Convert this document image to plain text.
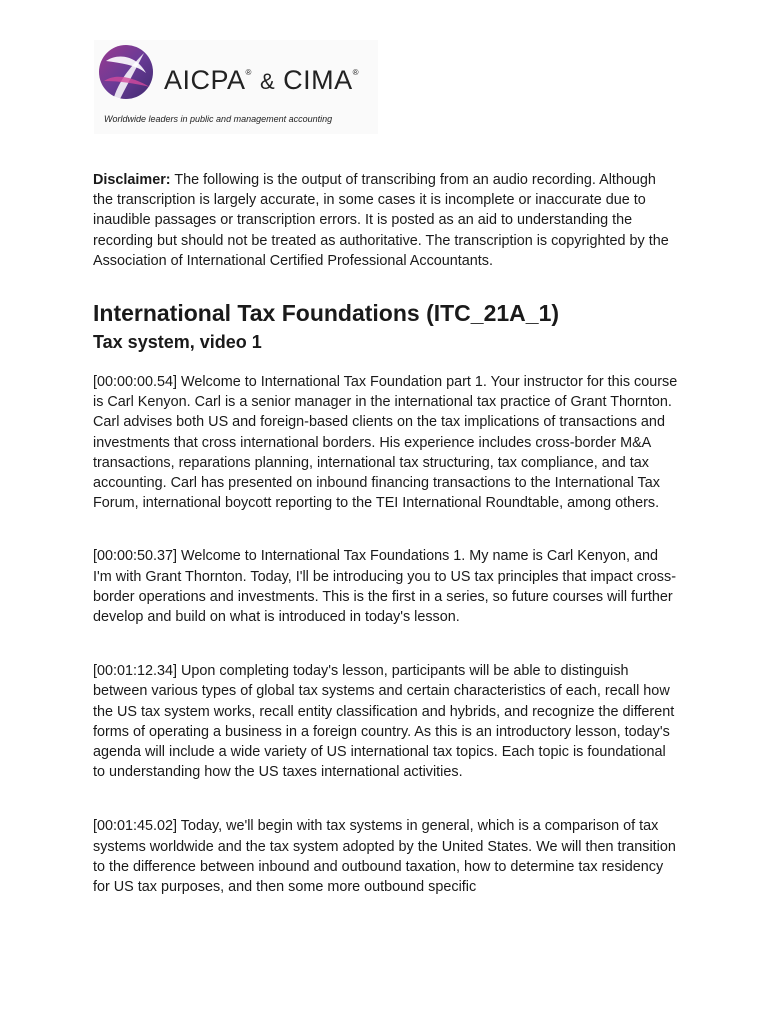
AICPA® & CIMA®
Worldwide leaders in public and management accounting

Disclaimer: The following is the output of transcribing from an audio recording. Although the transcription is largely accurate, in some cases it is incomplete or inaccurate due to inaudible passages or transcription errors. It is posted as an aid to understanding the recording but should not be treated as authoritative. The transcription is copyrighted by the Association of International Certified Professional Accountants.

International Tax Foundations (ITC_21A_1)
Tax system, video 1

[00:00:00.54] Welcome to International Tax Foundation part 1. Your instructor for this course is Carl Kenyon. Carl is a senior manager in the international tax practice of Grant Thornton. Carl advises both US and foreign-based clients on the tax implications of transactions and investments that cross international borders. His experience includes cross-border M&A transactions, reparations planning, international tax structuring, tax compliance, and tax accounting. Carl has presented on inbound financing transactions to the International Tax Forum, international boycott reporting to the TEI International Roundtable, among others.

[00:00:50.37] Welcome to International Tax Foundations 1. My name is Carl Kenyon, and I'm with Grant Thornton. Today, I'll be introducing you to US tax principles that impact cross-border operations and investments. This is the first in a series, so future courses will further develop and build on what is introduced in today's lesson.

[00:01:12.34] Upon completing today's lesson, participants will be able to distinguish between various types of global tax systems and certain characteristics of each, recall how the US tax system works, recall entity classification and hybrids, and recognize the different forms of operating a business in a foreign country. As this is an introductory lesson, today's agenda will include a wide variety of US international tax topics. Each topic is foundational to understanding how the US taxes international activities.

[00:01:45.02] Today, we'll begin with tax systems in general, which is a comparison of tax systems worldwide and the tax system adopted by the United States. We will then transition to the difference between inbound and outbound taxation, how to determine tax residency for US tax purposes, and then some more outbound specific
